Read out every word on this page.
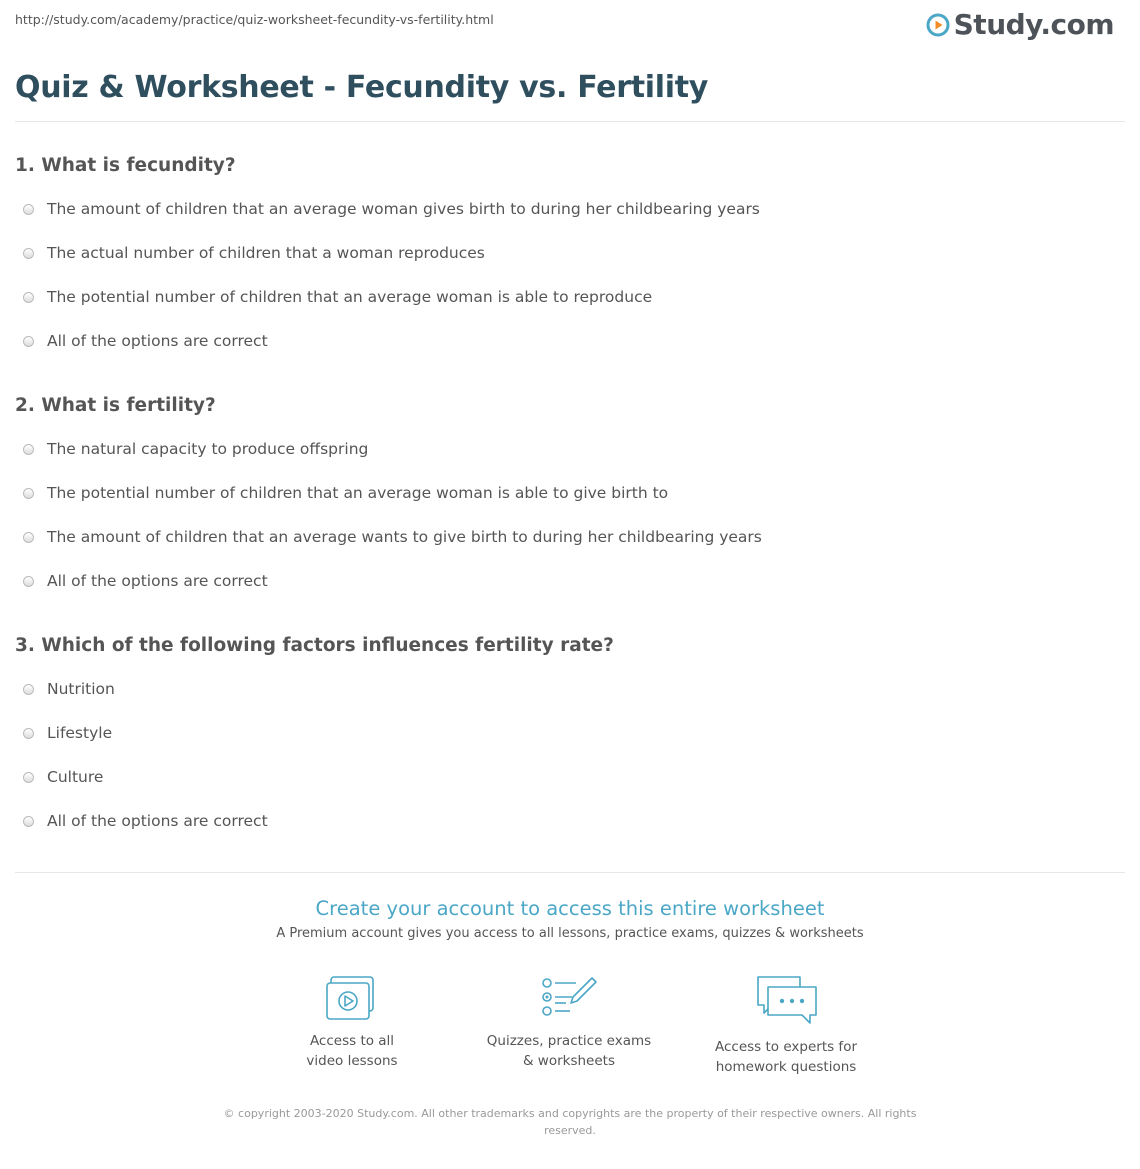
http://study.com/academy/practice/quiz-worksheet-fecundity-vs-fertility.html	Study.com
Quiz & Worksheet - Fecundity vs. Fertility
1. What is fecundity?
The amount of children that an average woman gives birth to during her childbearing years
The actual number of children that a woman reproduces
The potential number of children that an average woman is able to reproduce
All of the options are correct
2. What is fertility?
The natural capacity to produce offspring
The potential number of children that an average woman is able to give birth to
The amount of children that an average wants to give birth to during her childbearing years
All of the options are correct
3. Which of the following factors influences fertility rate?
Nutrition
Lifestyle
Culture
All of the options are correct
Create your account to access this entire worksheet
A Premium account gives you access to all lessons, practice exams, quizzes & worksheets
Access to all
video lessons
Quizzes, practice exams
& worksheets
Access to experts for
homework questions
© copyright 2003-2020 Study.com. All other trademarks and copyrights are the property of their respective owners. All rights
reserved.
